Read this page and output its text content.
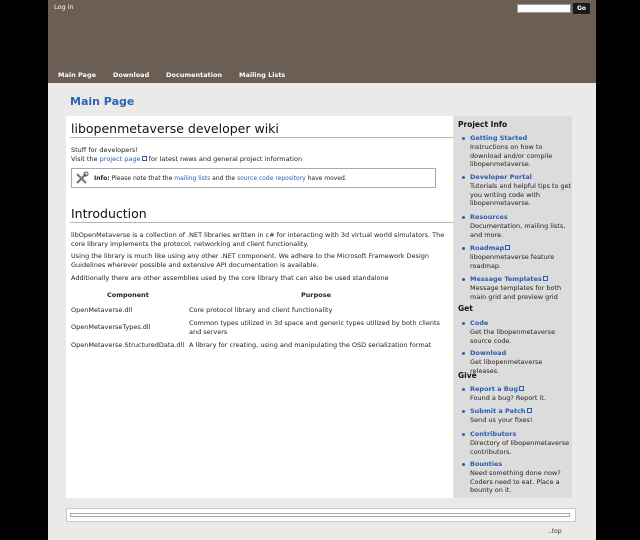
Log in	Go
Main Page	Download	Documentation	Mailing Lists
Main Page
libopenmetaverse developer wiki
Stuff for developers!
Visit the project page for latest news and general project information
Info: Please note that the mailing lists and the source code repository have moved.
Introduction
libOpenMetaverse is a collection of .NET libraries written in c# for interacting with 3d virtual world simulators. The
core library implements the protocol, networking and client functionality.
Using the library is much like using any other .NET component. We adhere to the Microsoft Framework Design
Guidelines wherever possible and extensive API documentation is available.
Additionally there are other assemblies used by the core library that can also be used standalone
Component	Purpose
OpenMetaverse.dll	Core protocol library and client functionality
OpenMetaverseTypes.dll	Common types utilized in 3d space and generic types utilized by both clients and servers
OpenMetaverse.StructuredData.dll A library for creating, using and manipulating the OSD serialization format
Project Info
Getting Started
Instructions on how to download and/or compile libopenmetaverse.
Developer Portal
Tutorials and helpful tips to get you writing code with libopenmetaverse.
Resources
Documentation, mailing lists, and more.
Roadmap
libopenmetaverse feature roadmap.
Message Templates
Message templates for both main grid and preview grid
Get
Code
Get the libopenmetaverse source code.
Download
Get libopenmetaverse releases.
Give
Report a Bug
Found a bug? Report it.
Submit a Patch
Send us your fixes!
Contributors
Directory of libopenmetaverse contributors.
Bounties
Need something done now? Coders need to eat. Place a bounty on it.
..top
